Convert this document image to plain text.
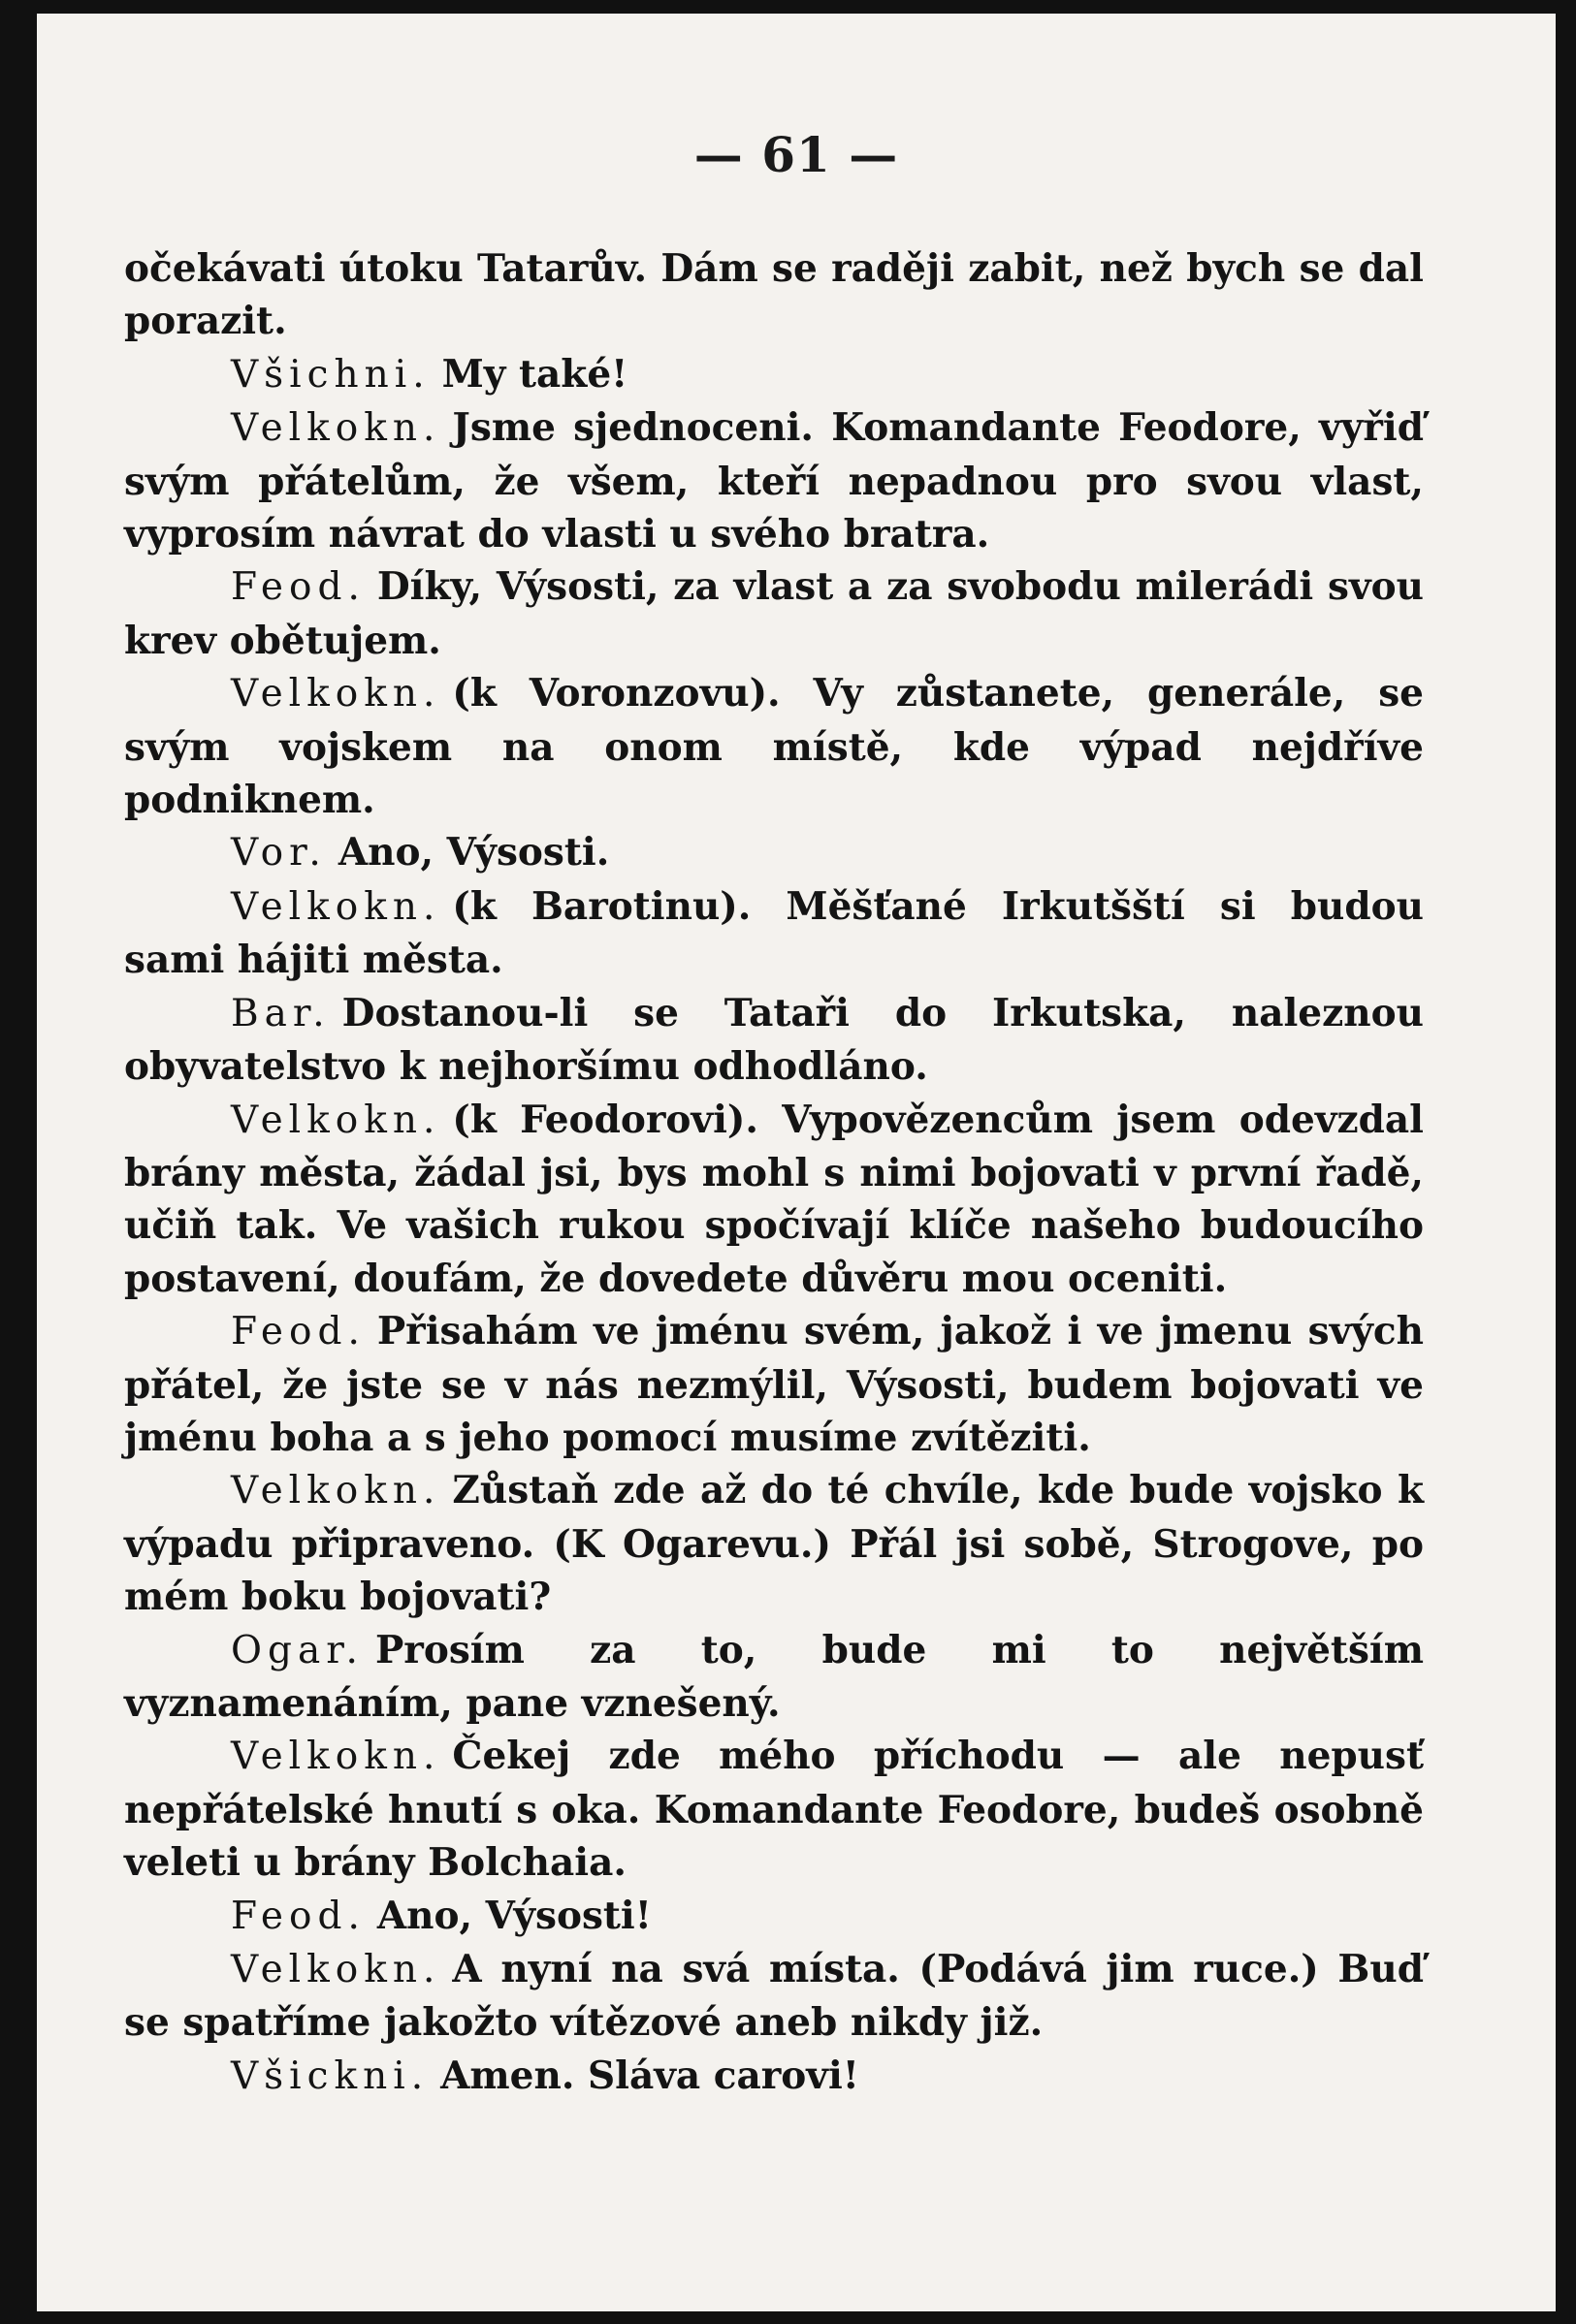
— 61 —

očekávati útoku Tatarův. Dám se raději zabit, než bych se dal porazit.

Všichni. My také!

Velkokn. Jsme sjednoceni. Komandante Feodore, vyřiď svým přátelům, že všem, kteří nepadnou pro svou vlast, vyprosím návrat do vlasti u svého bratra.

Feod. Díky, Výsosti, za vlast a za svobodu milerádi svou krev obětujem.

Velkokn. (k Voronzovu). Vy zůstanete, generále, se svým vojskem na onom místě, kde výpad nejdříve podniknem.

Vor. Ano, Výsosti.

Velkokn. (k Barotinu). Měšťané Irkutšští si budou sami hájiti města.

Bar. Dostanou-li se Tataři do Irkutska, naleznou obyvatelstvo k nejhoršímu odhodláno.

Velkokn. (k Feodorovi). Vypovězencům jsem odevzdal brány města, žádal jsi, bys mohl s nimi bojovati v první řadě, učiň tak. Ve vašich rukou spočívají klíče našeho budoucího postavení, doufám, že dovedete důvěru mou oceniti.

Feod. Přisahám ve jménu svém, jakož i ve jmenu svých přátel, že jste se v nás nezmýlil, Výsosti, budem bojovati ve jménu boha a s jeho pomocí musíme zvítěziti.

Velkokn. Zůstaň zde až do té chvíle, kde bude vojsko k výpadu připraveno. (K Ogarevu.) Přál jsi sobě, Strogove, po mém boku bojovati?

Ogar. Prosím za to, bude mi to největším vyznamenáním, pane vznešený.

Velkokn. Čekej zde mého příchodu — ale nepusť nepřátelské hnutí s oka. Komandante Feodore, budeš osobně veleti u brány Bolchaia.

Feod. Ano, Výsosti!

Velkokn. A nyní na svá místa. (Podává jim ruce.) Buď se spatříme jakožto vítězové aneb nikdy již.

Všickni. Amen. Sláva carovi!
